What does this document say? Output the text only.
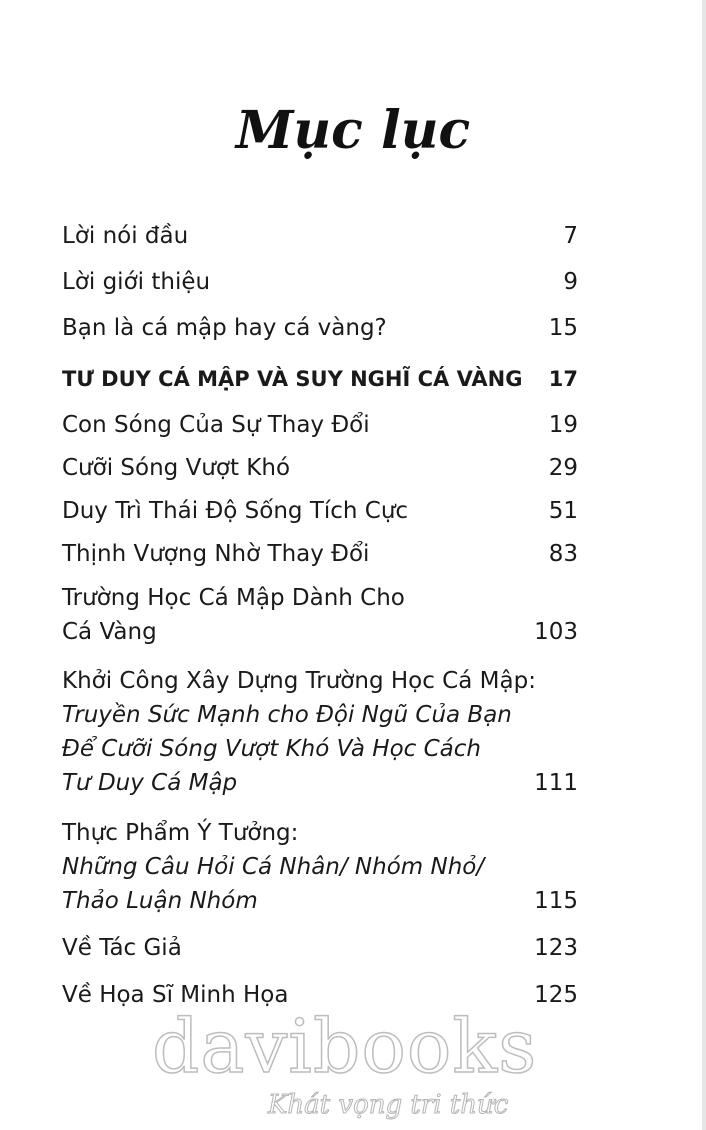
Mục lục
Lời nói đầu	7
Lời giới thiệu	9
Bạn là cá mập hay cá vàng?	15
TƯ DUY CÁ MẬP VÀ SUY NGHĨ CÁ VÀNG 17
Con Sóng Của Sự Thay Đổi	19
Cưỡi Sóng Vượt Khó	29
Duy Trì Thái Độ Sống Tích Cực	51
Thịnh Vượng Nhờ Thay Đổi	83
Trường Học Cá Mập Dành Cho
Cá Vàng	103
Khởi Công Xây Dựng Trường Học Cá Mập:
Truyền Sức Mạnh cho Đội Ngũ Của Bạn
Để Cưỡi Sóng Vượt Khó Và Học Cách
Tư Duy Cá Mập	111
Thực Phẩm Ý Tưởng:
Những Câu Hỏi Cá Nhân/ Nhóm Nhỏ/
Thảo Luận Nhóm	115
Về Tác Giả	123
Về Họa Sĩ Minh Họa	125
davibooks
Khát vọng tri thức
